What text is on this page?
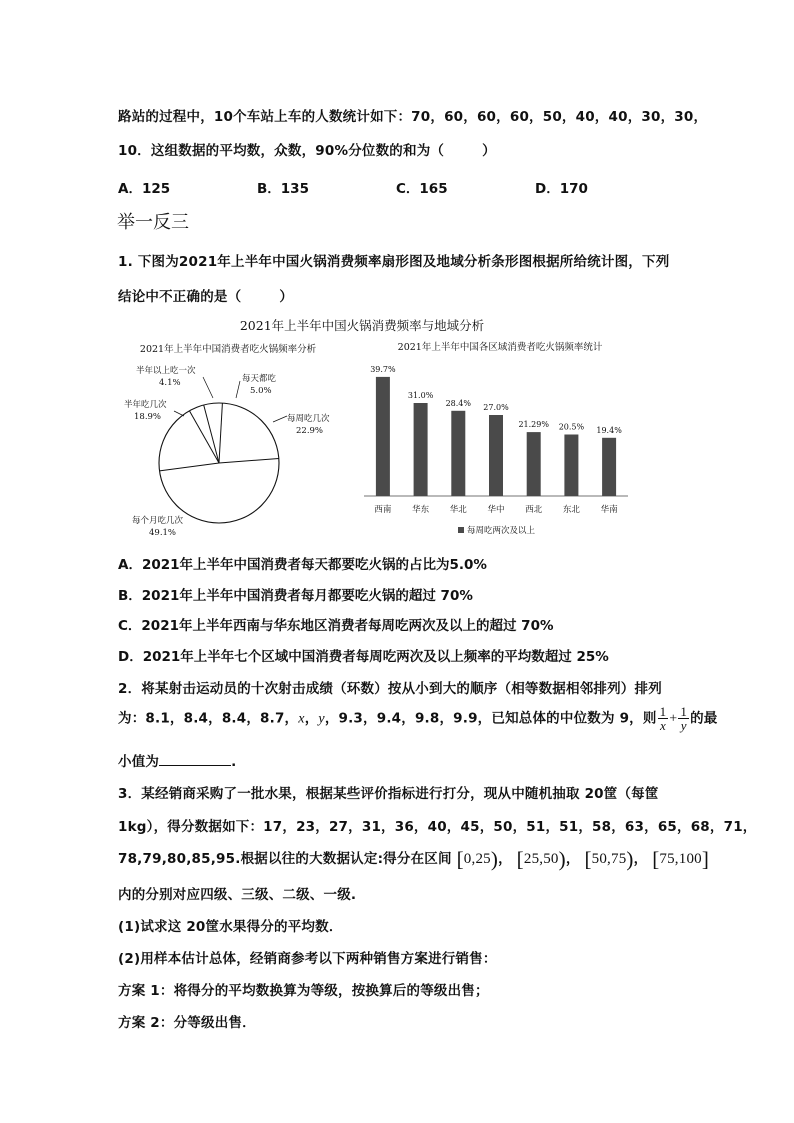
路站的过程中，10个车站上车的人数统计如下：70，60，60，60，50，40，40，30，30，
10．这组数据的平均数，众数，90%分位数的和为（	）
A．125	B．135	C．165	D．170
举一反三
1. 下图为2021年上半年中国火锅消费频率扇形图及地域分析条形图根据所给统计图，下列
结论中不正确的是（	）
2021年上半年中国火锅消费频率与地域分析
2021年上半年中国消费者吃火锅频率分析	2021年上半年中国各区域消费者吃火锅频率统计
每天都吃
5.0%
每周吃几次
22.9%
每个月吃几次
49.1%
半年吃几次
18.9%
半年以上吃一次
4.1%
39.7%
西南
31.0%
华东
28.4%
华北
27.0%
华中
21.29%
西北
20.5%
东北
19.4%
华南
每周吃两次及以上
A．2021年上半年中国消费者每天都要吃火锅的占比为5.0%
B．2021年上半年中国消费者每月都要吃火锅的超过 70%
C．2021年上半年西南与华东地区消费者每周吃两次及以上的超过 70%
D．2021年上半年七个区域中国消费者每周吃两次及以上频率的平均数超过 25%
2．将某射击运动员的十次射击成绩（环数）按从小到大的顺序（相等数据相邻排列）排列
为：8.1，8.4，8.4，8.7，x，y，9.3，9.4，9.8，9.9，已知总体的中位数为 9，则 $\frac{1}{x} + \frac{1}{y}$ 的最
小值为	.
3．某经销商采购了一批水果，根据某些评价指标进行打分，现从中随机抽取 20筐（每筐
1kg），得分数据如下：17，23，27，31，36，40，45，50，51，51，58，63，65，68，71，
78,79,80,85,95.根据以往的大数据认定:得分在区间 [0,25)， [25,50)， [50,75)， [75,100]
内的分别对应四级、三级、二级、一级.
(1)试求这 20筐水果得分的平均数．
(2)用样本估计总体，经销商参考以下两种销售方案进行销售：
方案 1：将得分的平均数换算为等级，按换算后的等级出售；
方案 2：分等级出售．
